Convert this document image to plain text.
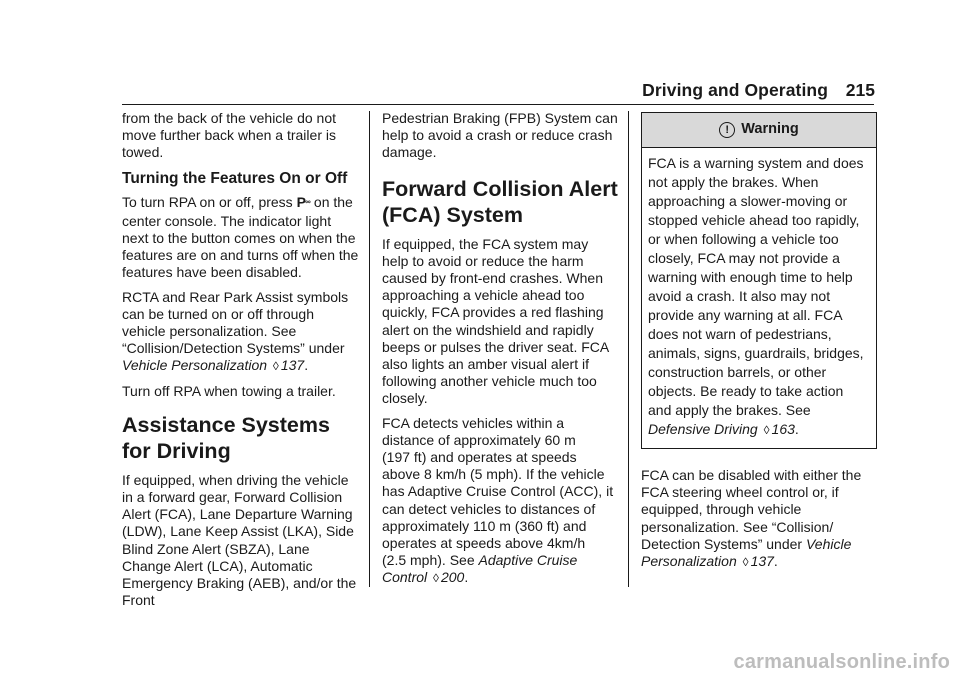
Driving and Operating 215

from the back of the vehicle do not move further back when a trailer is towed.

Turning the Features On or Off

To turn RPA on or off, press Pᐤᐤ on the center console. The indicator light next to the button comes on when the features are on and turns off when the features have been disabled.

RCTA and Rear Park Assist symbols can be turned on or off through vehicle personalization. See “Collision/Detection Systems” under Vehicle Personalization ◊ 137.

Turn off RPA when towing a trailer.

Assistance Systems for Driving

If equipped, when driving the vehicle in a forward gear, Forward Collision Alert (FCA), Lane Departure Warning (LDW), Lane Keep Assist (LKA), Side Blind Zone Alert (SBZA), Lane Change Alert (LCA), Automatic Emergency Braking (AEB), and/or the Front

Pedestrian Braking (FPB) System can help to avoid a crash or reduce crash damage.

Forward Collision Alert (FCA) System

If equipped, the FCA system may help to avoid or reduce the harm caused by front-end crashes. When approaching a vehicle ahead too quickly, FCA provides a red flashing alert on the windshield and rapidly beeps or pulses the driver seat. FCA also lights an amber visual alert if following another vehicle much too closely.

FCA detects vehicles within a distance of approximately 60 m (197 ft) and operates at speeds above 8 km/h (5 mph). If the vehicle has Adaptive Cruise Control (ACC), it can detect vehicles to distances of approximately 110 m (360 ft) and operates at speeds above 4km/h (2.5 mph). See Adaptive Cruise Control ◊ 200.

! Warning
FCA is a warning system and does not apply the brakes. When approaching a slower-moving or stopped vehicle ahead too rapidly, or when following a vehicle too closely, FCA may not provide a warning with enough time to help avoid a crash. It also may not provide any warning at all. FCA does not warn of pedestrians, animals, signs, guardrails, bridges, construction barrels, or other objects. Be ready to take action and apply the brakes. See Defensive Driving ◊ 163.

FCA can be disabled with either the FCA steering wheel control or, if equipped, through vehicle personalization. See “Collision/ Detection Systems” under Vehicle Personalization ◊ 137.

carmanualsonline.info
